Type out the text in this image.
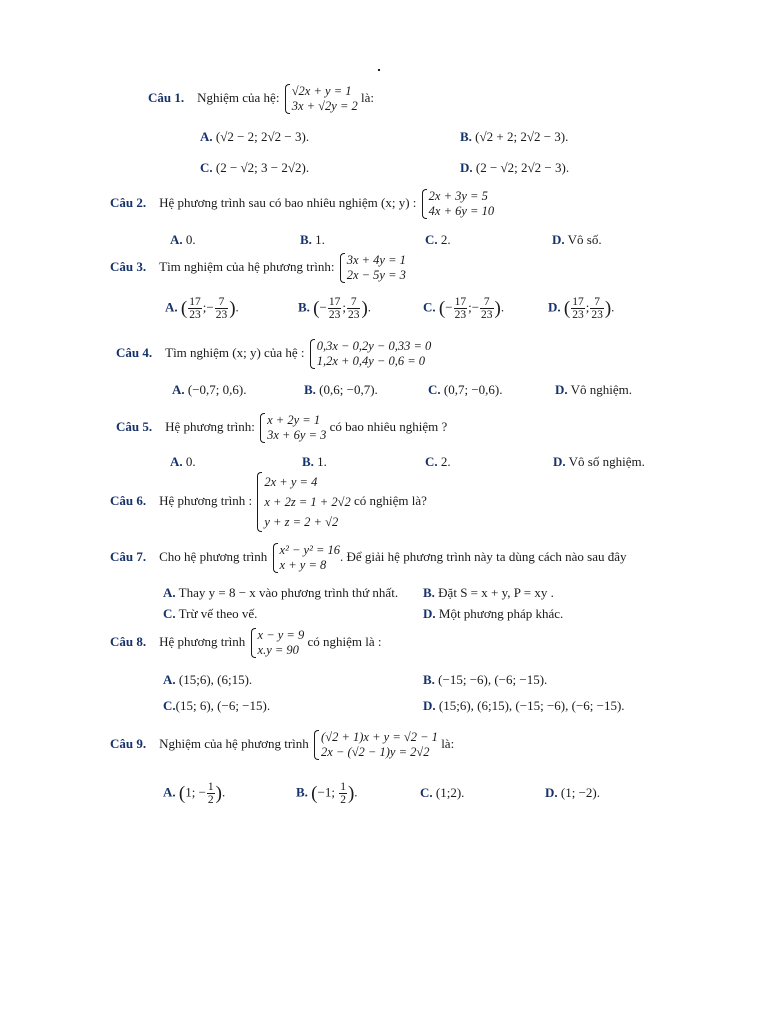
Câu 1. Nghiệm của hệ: √2x + y = 1
3x + √2y = 2
là:
A. (√2 − 2; 2√2 − 3).	B. (√2 + 2; 2√2 − 3).
C. (2 − √2; 3 − 2√2).	D. (2 − √2; 2√2 − 3).
Câu 2. Hệ phương trình sau có bao nhiêu nghiệm (x; y) : 2x + 3y = 5
4x + 6y = 10
A. 0.	B. 1.	C. 2.	D. Vô số.
Câu 3. Tìm nghiệm của hệ phương trình: 3x + 4y = 1
2x − 5y = 3
A. ( $\frac{17}{23}$ ;− $\frac{7}{23}$ ).	B. (− $\frac{17}{23}$ ; $\frac{7}{23}$ ).	C. (− $\frac{17}{23}$ ;− $\frac{7}{23}$ ).	D. ( $\frac{17}{23}$ ; $\frac{7}{23}$ ).
Câu 4. Tìm nghiệm (x; y) của hệ : 0,3x − 0,2y − 0,33 = 0
1,2x + 0,4y − 0,6 = 0
A. (−0,7; 0,6).	B. (0,6; −0,7).	C. (0,7; −0,6).	D. Vô nghiệm.
Câu 5. Hệ phương trình: x + 2y = 1
3x + 6y = 3
có bao nhiêu nghiệm ?
A. 0.	B. 1.	C. 2.	D. Vô số nghiệm.
Câu 6. Hệ phương trình :
2x + y = 4
x + 2z = 1 + 2√2
y + z = 2 + √2
có nghiệm là?
Câu 7. Cho hệ phương trình x² − y² = 16
x + y = 8
. Để giải hệ phương trình này ta dùng cách nào sau đây
A. Thay y = 8 − x vào phương trình thứ nhất. B. Đặt S = x + y, P = xy .
C. Trừ vế theo vế.	D. Một phương pháp khác.
Câu 8. Hệ phương trình x − y = 9
x.y = 90
có nghiệm là :
A. (15;6), (6;15).	B. (−15; −6), (−6; −15).
C.(15; 6), (−6; −15).	D. (15;6), (6;15), (−15; −6), (−6; −15).
Câu 9. Nghiệm của hệ phương trình (√2 + 1)x + y = √2 − 1
2x − (√2 − 1)y = 2√2
là:
A. (1; − $\frac{1}{2}$ ).	B. (−1; $\frac{1}{2}$ ).	C. (1;2).	D. (1; −2).
